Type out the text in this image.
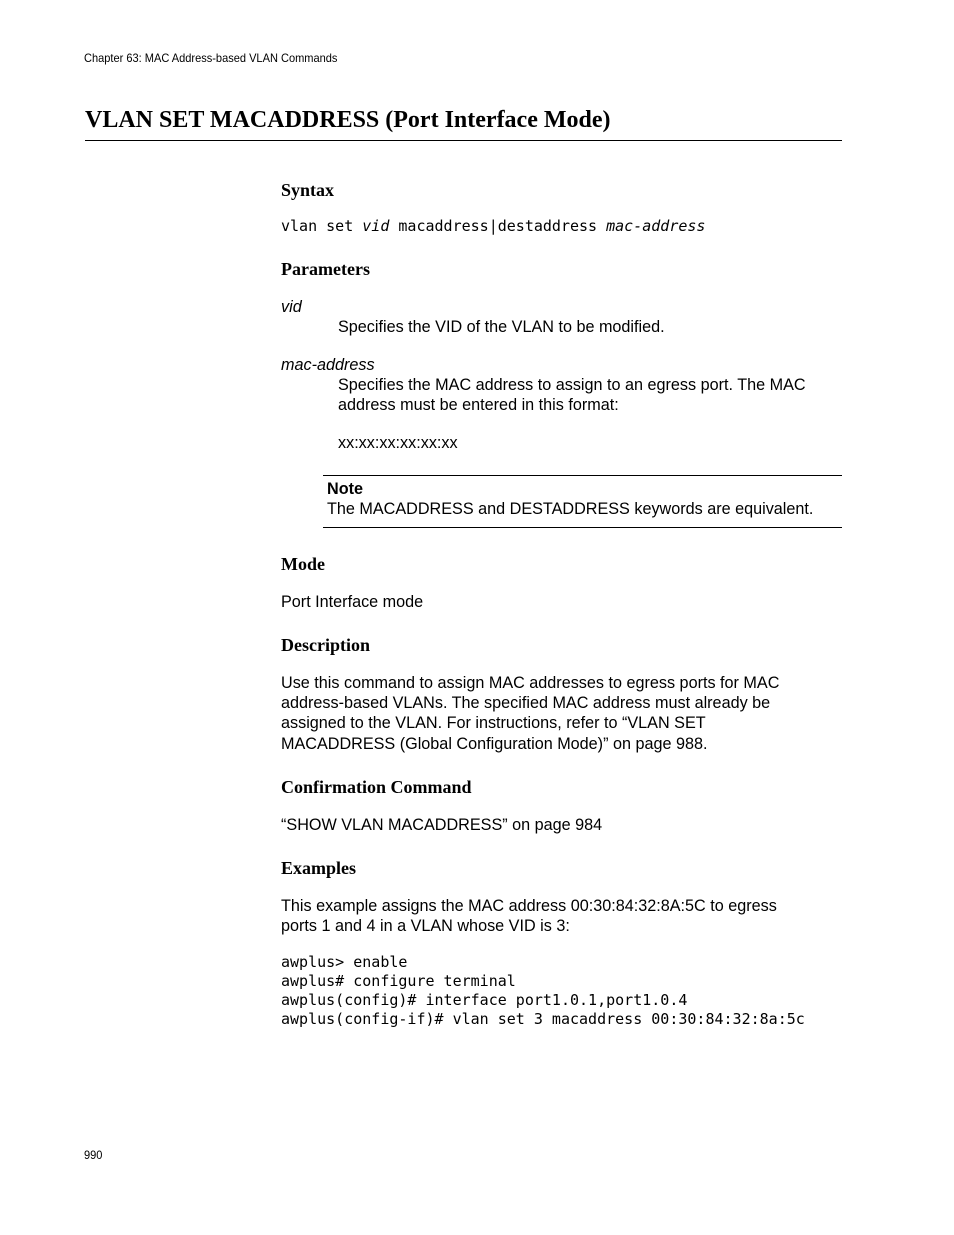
Chapter 63: MAC Address-based VLAN Commands
VLAN SET MACADDRESS (Port Interface Mode)
Syntax
vlan set vid macaddress|destaddress mac-address
Parameters
vid
Specifies the VID of the VLAN to be modified.
mac-address
Specifies the MAC address to assign to an egress port. The MAC
address must be entered in this format:
xx:xx:xx:xx:xx:xx
Note
The MACADDRESS and DESTADDRESS keywords are equivalent.
Mode
Port Interface mode
Description
Use this command to assign MAC addresses to egress ports for MAC
address-based VLANs. The specified MAC address must already be
assigned to the VLAN. For instructions, refer to “VLAN SET
MACADDRESS (Global Configuration Mode)” on page 988.
Confirmation Command
“SHOW VLAN MACADDRESS” on page 984
Examples
This example assigns the MAC address 00:30:84:32:8A:5C to egress
ports 1 and 4 in a VLAN whose VID is 3:
awplus> enable
awplus# configure terminal
awplus(config)# interface port1.0.1,port1.0.4
awplus(config-if)# vlan set 3 macaddress 00:30:84:32:8a:5c
990
